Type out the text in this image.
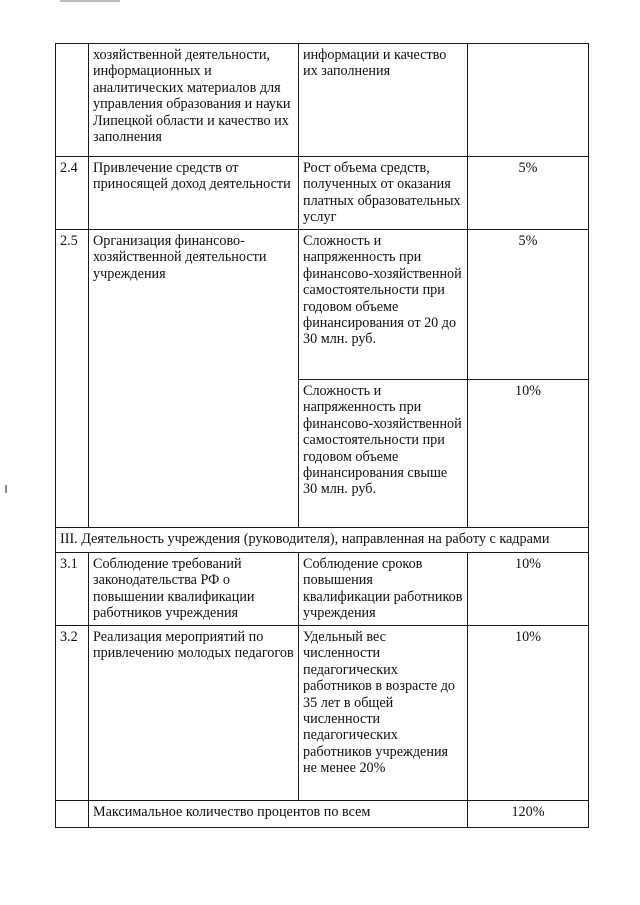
	хозяйственной деятельности, информационных и аналитических материалов для управления образования и науки Липецкой области и качество их заполнения	информации и качество их заполнения	
2.4	Привлечение средств от приносящей доход деятельности	Рост объема средств, полученных от оказания платных образовательных услуг	5%
2.5	Организация финансово-хозяйственной деятельности учреждения	Сложность и напряженность при финансово-хозяйственной самостоятельности при годовом объеме финансирования от 20 до 30 млн. руб.	5%
		Сложность и напряженность при финансово-хозяйственной самостоятельности при годовом объеме финансирования свыше 30 млн. руб.	10%
III. Деятельность учреждения (руководителя), направленная на работу с кадрами			
3.1	Соблюдение требований законодательства РФ о повышении квалификации работников учреждения	Соблюдение сроков повышения квалификации работников учреждения	10%
3.2	Реализация мероприятий по привлечению молодых педагогов	Удельный вес численности педагогических работников в возрасте до 35 лет в общей численности педагогических работников учреждения не менее 20%	10%
	Максимальное количество процентов по всем		120%
